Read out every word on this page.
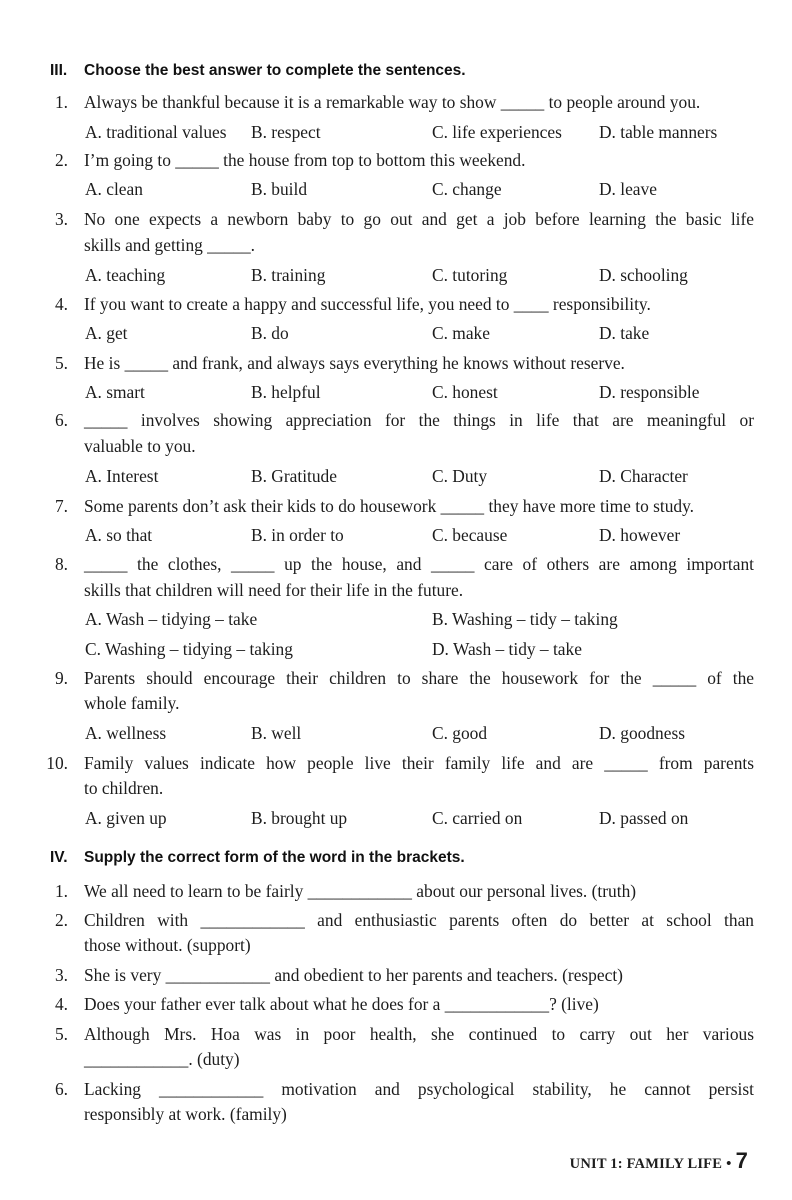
III. Choose the best answer to complete the sentences.
1. Always be thankful because it is a remarkable way to show _____ to people around you.
A. traditional values B. respect	C. life experiences D. table manners
2. I’m going to _____ the house from top to bottom this weekend.
A. clean	B. build	C. change	D. leave
3. No one expects a newborn baby to go out and get a job before learning the basic life
skills and getting _____.
A. teaching	B. training	C. tutoring	D. schooling
4. If you want to create a happy and successful life, you need to ____ responsibility.
A. get	B. do	C. make	D. take
5. He is _____ and frank, and always says everything he knows without reserve.
A. smart	B. helpful	C. honest	D. responsible
6. _____ involves showing appreciation for the things in life that are meaningful or
valuable to you.
A. Interest	B. Gratitude	C. Duty	D. Character
7. Some parents don’t ask their kids to do housework _____ they have more time to study.
A. so that	B. in order to	C. because	D. however
8. _____ the clothes, _____ up the house, and _____ care of others are among important
skills that children will need for their life in the future.
A. Wash – tidying – take	B. Washing – tidy – taking
C. Washing – tidying – taking	D. Wash – tidy – take
9. Parents should encourage their children to share the housework for the _____ of the
whole family.
A. wellness	B. well	C. good	D. goodness
10. Family values indicate how people live their family life and are _____ from parents
to children.
A. given up	B. brought up	C. carried on	D. passed on
IV. Supply the correct form of the word in the brackets.
1. We all need to learn to be fairly ____________ about our personal lives. (truth)
2. Children with ____________ and enthusiastic parents often do better at school than
those without. (support)
3. She is very ____________ and obedient to her parents and teachers. (respect)
4. Does your father ever talk about what he does for a ____________? (live)
5. Although Mrs. Hoa was in poor health, she continued to carry out her various
____________. (duty)
6. Lacking ____________ motivation and psychological stability, he cannot persist
responsibly at work. (family)
UNIT 1: FAMILY LIFE • 7
